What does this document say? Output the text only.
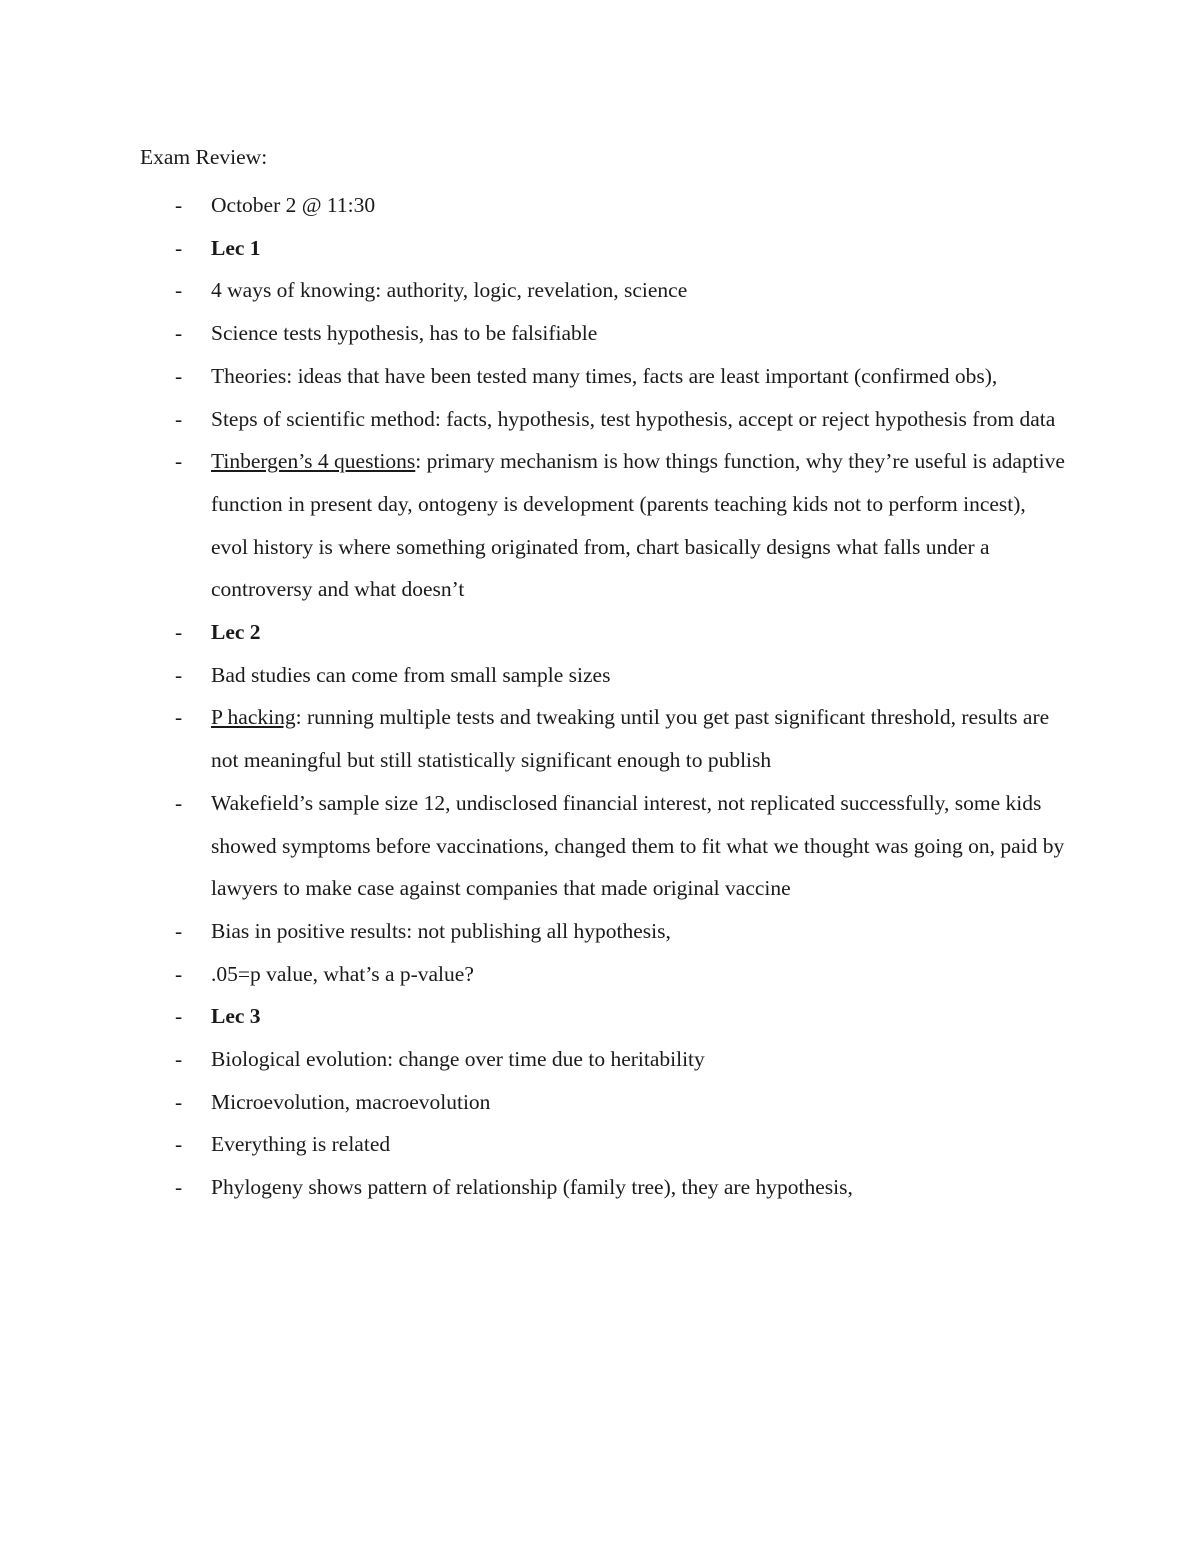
Exam Review:
- October 2 @ 11:30
- Lec 1
- 4 ways of knowing: authority, logic, revelation, science
- Science tests hypothesis, has to be falsifiable
- Theories: ideas that have been tested many times, facts are least important (confirmed obs),
- Steps of scientific method: facts, hypothesis, test hypothesis, accept or reject hypothesis from data
- Tinbergen’s 4 questions: primary mechanism is how things function, why they’re useful is adaptive function in present day, ontogeny is development (parents teaching kids not to perform incest), evol history is where something originated from, chart basically designs what falls under a controversy and what doesn’t
- Lec 2
- Bad studies can come from small sample sizes
- P hacking: running multiple tests and tweaking until you get past significant threshold, results are not meaningful but still statistically significant enough to publish
- Wakefield’s sample size 12, undisclosed financial interest, not replicated successfully, some kids showed symptoms before vaccinations, changed them to fit what we thought was going on, paid by lawyers to make case against companies that made original vaccine
- Bias in positive results: not publishing all hypothesis,
- .05=p value, what’s a p-value?
- Lec 3
- Biological evolution: change over time due to heritability
- Microevolution, macroevolution
- Everything is related
- Phylogeny shows pattern of relationship (family tree), they are hypothesis,
